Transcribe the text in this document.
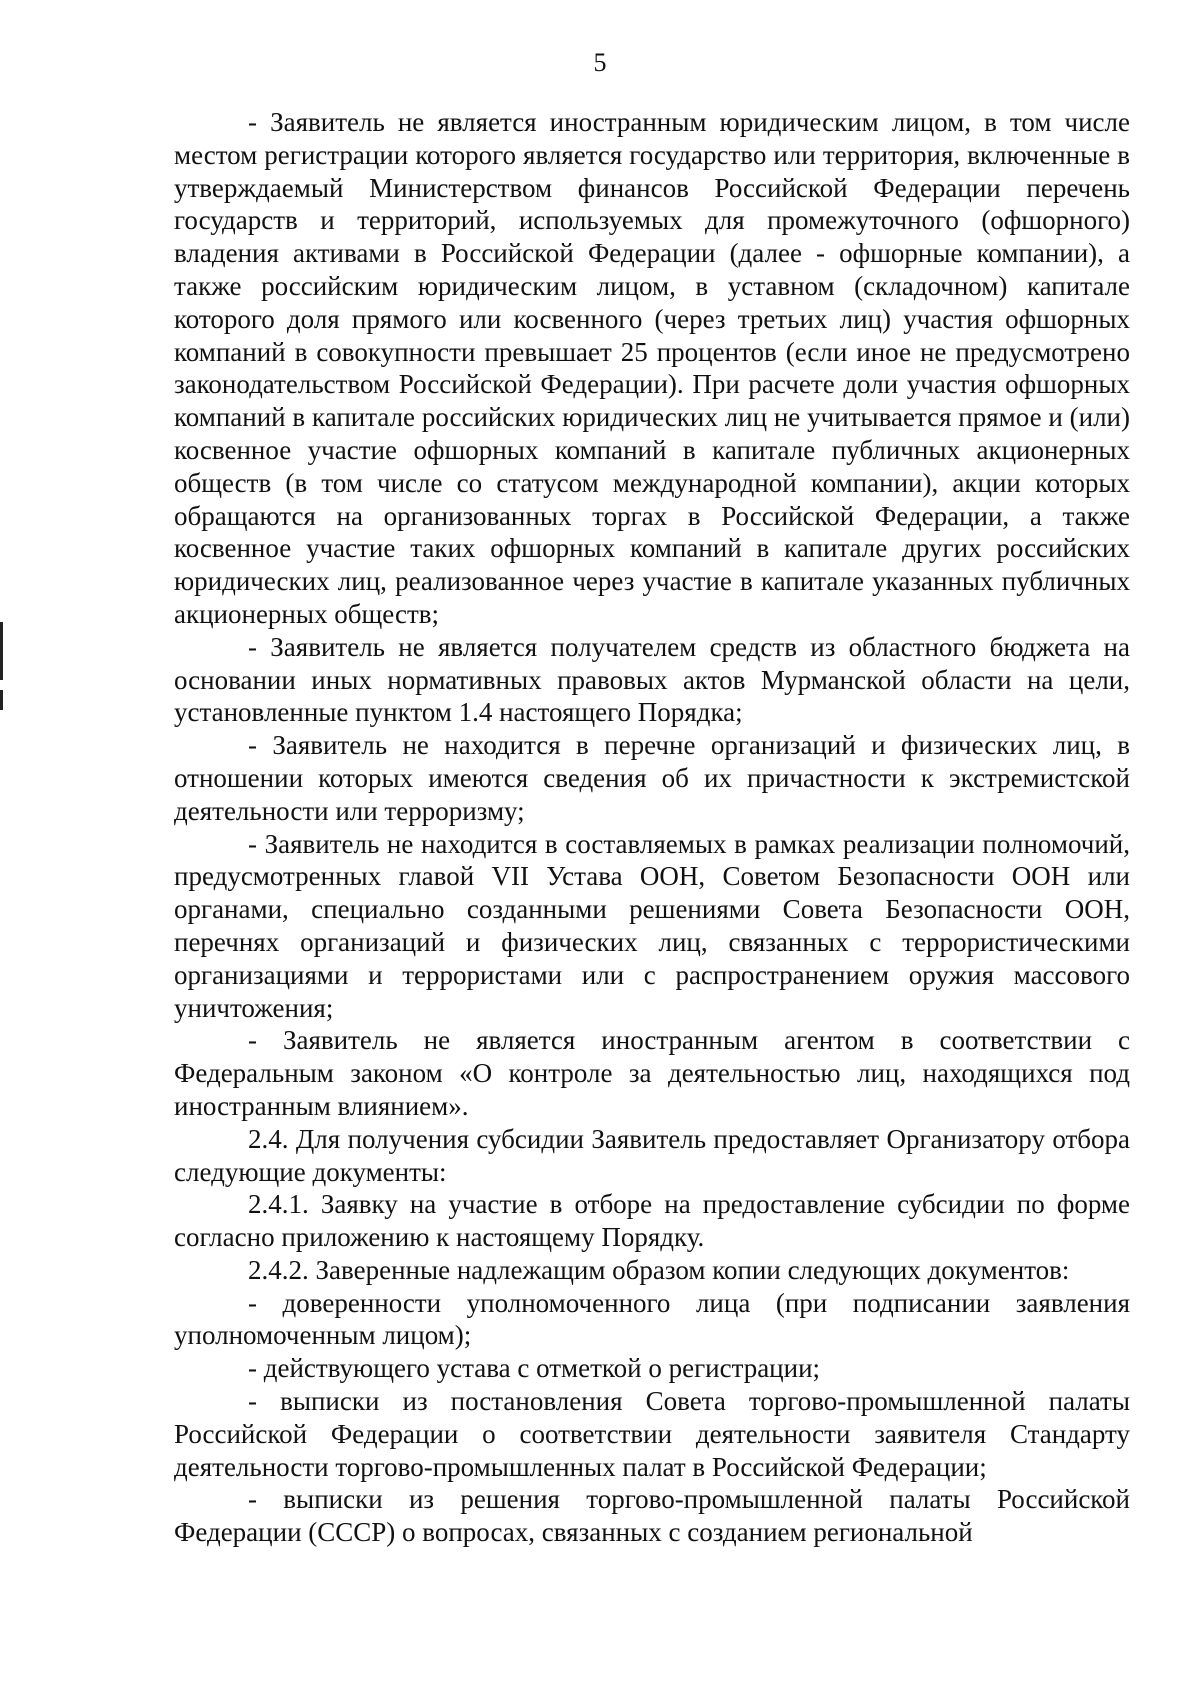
5

- Заявитель не является иностранным юридическим лицом, в том числе местом регистрации которого является государство или территория, включенные в утверждаемый Министерством финансов Российской Федерации перечень государств и территорий, используемых для промежуточного (офшорного) владения активами в Российской Федерации (далее - офшорные компании), а также российским юридическим лицом, в уставном (складочном) капитале которого доля прямого или косвенного (через третьих лиц) участия офшорных компаний в совокупности превышает 25 процентов (если иное не предусмотрено законодательством Российской Федерации). При расчете доли участия офшорных компаний в капитале российских юридических лиц не учитывается прямое и (или) косвенное участие офшорных компаний в капитале публичных акционерных обществ (в том числе со статусом международной компании), акции которых обращаются на организованных торгах в Российской Федерации, а также косвенное участие таких офшорных компаний в капитале других российских юридических лиц, реализованное через участие в капитале указанных публичных акционерных обществ;

- Заявитель не является получателем средств из областного бюджета на основании иных нормативных правовых актов Мурманской области на цели, установленные пунктом 1.4 настоящего Порядка;

- Заявитель не находится в перечне организаций и физических лиц, в отношении которых имеются сведения об их причастности к экстремистской деятельности или терроризму;

- Заявитель не находится в составляемых в рамках реализации полномочий, предусмотренных главой VII Устава ООН, Советом Безопасности ООН или органами, специально созданными решениями Совета Безопасности ООН, перечнях организаций и физических лиц, связанных с террористическими организациями и террористами или с распространением оружия массового уничтожения;

- Заявитель не является иностранным агентом в соответствии с Федеральным законом «О контроле за деятельностью лиц, находящихся под иностранным влиянием».

2.4. Для получения субсидии Заявитель предоставляет Организатору отбора следующие документы:

2.4.1. Заявку на участие в отборе на предоставление субсидии по форме согласно приложению к настоящему Порядку.

2.4.2. Заверенные надлежащим образом копии следующих документов:

- доверенности уполномоченного лица (при подписании заявления уполномоченным лицом);

- действующего устава с отметкой о регистрации;

- выписки из постановления Совета торгово-промышленной палаты Российской Федерации о соответствии деятельности заявителя Стандарту деятельности торгово-промышленных палат в Российской Федерации;

- выписки из решения торгово-промышленной палаты Российской Федерации (СССР) о вопросах, связанных с созданием региональной
